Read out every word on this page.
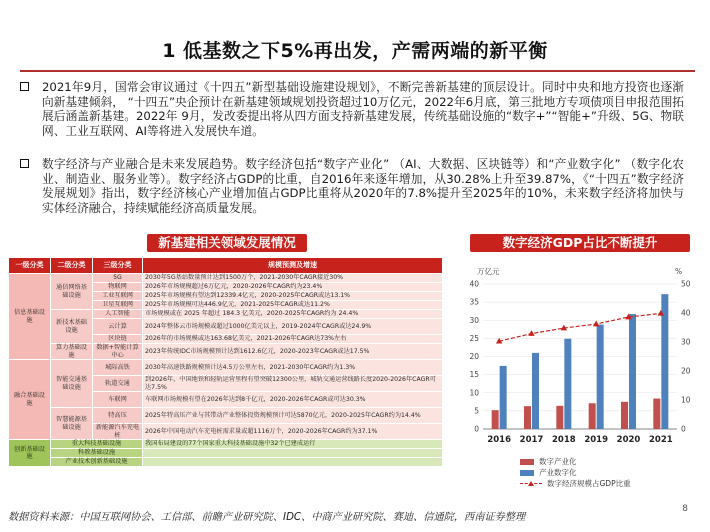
1 低基数之下5%再出发，产需两端的新平衡
2021年9月，国常会审议通过《十四五”新型基础设施建设规划》，不断完善新基建的顶层设计。同时中央和地方投资也逐渐向新基建倾斜， “十四五”央企预计在新基建领域规划投资超过10万亿元，2022年6月底，第三批地方专项债项目申报范围拓展后涵盖新基建。2022年 9月，发改委提出将从四方面支持新基建发展，传统基础设施的“数字+”“智能+”升级、5G、物联网、工业互联网、AI等将进入发展快车道。
数字经济与产业融合是未来发展趋势。数字经济包括“数字产业化” （AI、大数据、区块链等）和“产业数字化” （数字化农业、制造业、服务业等）。数字经济占GDP的比重，自2016年来逐年增加，从30.28%上升至39.87%，《“十四五”数字经济发展规划》指出，数字经济核心产业增加值占GDP比重将从2020年的7.8%提升至2025年的10%，未来数字经济将加快与实体经济融合，持续赋能经济高质量发展。
新基建相关领域发展情况	数字经济GDP占比不断提升
一级分类	二级分类	三级分类	规模预测及增速
信息基础设施	通信网络基础设施	5G	2030年5G基站数量预计达到1500万个，2021-2030年CAGR接近30%
		物联网	2026年市场规模超过6万亿元，2020-2026年CAGR约为23.4%
		工业互联网	2025年市场规模有望达到12339.4亿元，2020-2025年CAGR或达13.1%
		卫星互联网	2025年市场规模可达446.9亿元，2021-2025年CAGR或达11.2%
	新技术基础设施	人工智能	市场规模或在 2025 年超过 184.3 亿美元，2020-2025年CAGR约为 24.4%
		云计算	2024年整体云市场规模或超过1000亿美元以上，2019-2024年CAGR或达24.9%
		区块链	2026年的市场规模或达163.68亿美元，2021-2026年CAGR达73%左右
	算力基础设施	数据+智能计算中心	2023年传统IDC市场规模预计达到1612.6亿元，2020-2023年CAGR或达17.5%

融合基础设施	智能交通基础设施	城际高铁	2030年高速铁路规模预计达4.5万公里左右，2021-2030年CAGR约为1.3%
		轨道交通	到2026年，中国地铁和轻轨运营里程有望突破12300公里，城轨交通运营线路长度2020-2026年CAGR可达7.5%
		车联网	车联网市场规模有望在2026年达到8千亿元，2020-2026年CAGR或可达30.3%
	智慧能源基础设施	特高压	2025年特高压产业与其带动产业整体投资规模预计可达5870亿元，2020-2025年CAGR约为14.4%
		新能源汽车充电桩	2026年中国电动汽车充电桩需求量或超1116万个，2020-2026年CAGR约为37.1%
创新基础设施	重大科技基础设施		我国布局建设的77个国家重大科技基础设施中32个已建成运行
	科教基础设施		
	产业技术创新基础设施		
0
5
10
15
20
25
30
35
40
0
10
20
30
40
50
万亿元	%
2016 2017 2018 2019 2020 2021
数字产业化
产业数字化
数字经济规模占GDP比重
数据资料来源：中国互联网协会、工信部、前瞻产业研究院、IDC、中商产业研究院、赛迪、信通院，西南证券整理
8
